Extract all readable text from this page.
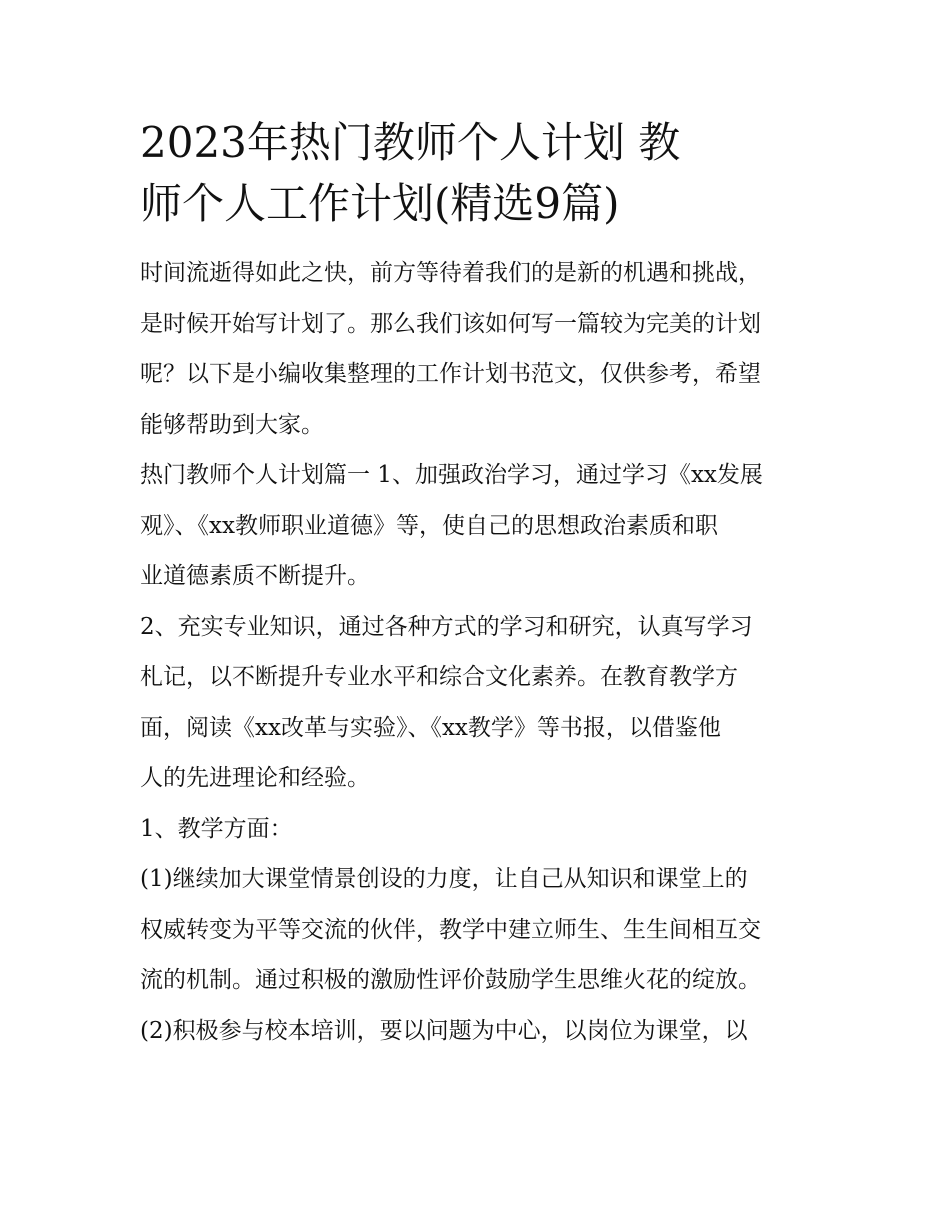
2023年热门教师个人计划 教
师个人工作计划(精选9篇)

时间流逝得如此之快，前方等待着我们的是新的机遇和挑战，
是时候开始写计划了。那么我们该如何写一篇较为完美的计划
呢？以下是小编收集整理的工作计划书范文，仅供参考，希望
能够帮助到大家。

热门教师个人计划篇一 1、加强政治学习，通过学习《xx发展
观》、《xx教师职业道德》等，使自己的思想政治素质和职
业道德素质不断提升。

2、充实专业知识，通过各种方式的学习和研究，认真写学习
札记，以不断提升专业水平和综合文化素养。在教育教学方
面，阅读《xx改革与实验》、《xx教学》等书报，以借鉴他
人的先进理论和经验。

1、教学方面：

(1)继续加大课堂情景创设的力度，让自己从知识和课堂上的
权威转变为平等交流的伙伴，教学中建立师生、生生间相互交
流的机制。通过积极的激励性评价鼓励学生思维火花的绽放。

(2)积极参与校本培训，要以问题为中心，以岗位为课堂，以
